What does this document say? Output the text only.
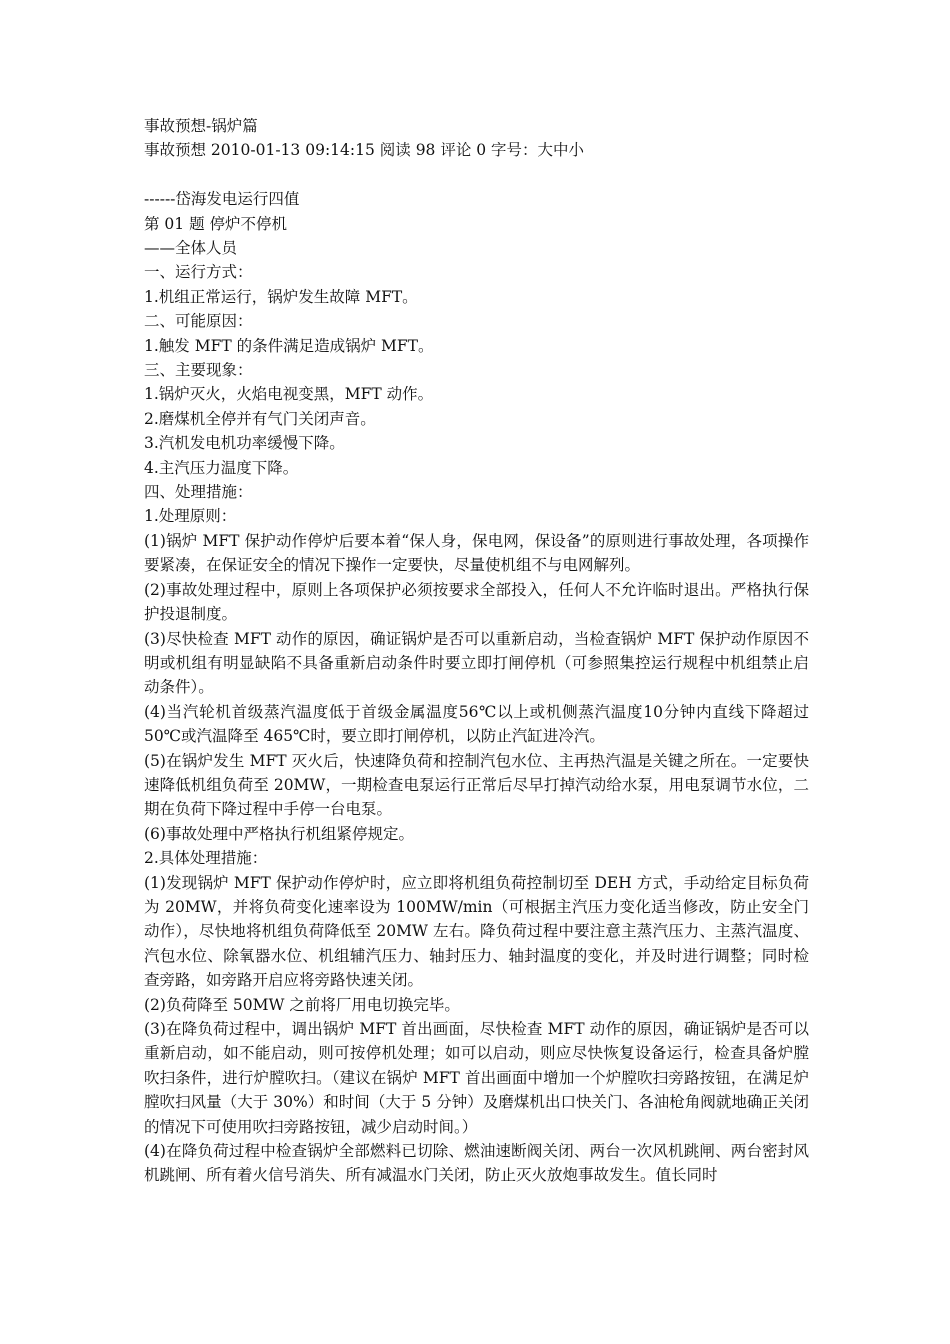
事故预想-锅炉篇
事故预想 2010-01-13 09:14:15 阅读 98 评论 0 字号：大中小
------岱海发电运行四值
第 01 题 停炉不停机
——全体人员
一、运行方式：
1.机组正常运行，锅炉发生故障 MFT。
二、可能原因：
1.触发 MFT 的条件满足造成锅炉 MFT。
三、主要现象：
1.锅炉灭火，火焰电视变黑，MFT 动作。
2.磨煤机全停并有气门关闭声音。
3.汽机发电机功率缓慢下降。
4.主汽压力温度下降。
四、处理措施：
1.处理原则：
(1)锅炉 MFT 保护动作停炉后要本着“保人身，保电网，保设备”的原则进行事故处理，各项操作要紧凑，在保证安全的情况下操作一定要快，尽量使机组不与电网解列。
(2)事故处理过程中，原则上各项保护必须按要求全部投入，任何人不允许临时退出。严格执行保护投退制度。
(3)尽快检查 MFT 动作的原因，确证锅炉是否可以重新启动，当检查锅炉 MFT 保护动作原因不明或机组有明显缺陷不具备重新启动条件时要立即打闸停机（可参照集控运行规程中机组禁止启动条件）。
(4)当汽轮机首级蒸汽温度低于首级金属温度56℃以上或机侧蒸汽温度10分钟内直线下降超过 50℃或汽温降至 465℃时，要立即打闸停机，以防止汽缸进冷汽。
(5)在锅炉发生 MFT 灭火后，快速降负荷和控制汽包水位、主再热汽温是关键之所在。一定要快速降低机组负荷至 20MW，一期检查电泵运行正常后尽早打掉汽动给水泵，用电泵调节水位，二期在负荷下降过程中手停一台电泵。
(6)事故处理中严格执行机组紧停规定。
2.具体处理措施：
(1)发现锅炉 MFT 保护动作停炉时，应立即将机组负荷控制切至 DEH 方式，手动给定目标负荷为 20MW，并将负荷变化速率设为 100MW/min（可根据主汽压力变化适当修改，防止安全门动作），尽快地将机组负荷降低至 20MW 左右。降负荷过程中要注意主蒸汽压力、主蒸汽温度、汽包水位、除氧器水位、机组辅汽压力、轴封压力、轴封温度的变化，并及时进行调整；同时检查旁路，如旁路开启应将旁路快速关闭。
(2)负荷降至 50MW 之前将厂用电切换完毕。
(3)在降负荷过程中，调出锅炉 MFT 首出画面，尽快检查 MFT 动作的原因，确证锅炉是否可以重新启动，如不能启动，则可按停机处理；如可以启动，则应尽快恢复设备运行，检查具备炉膛吹扫条件，进行炉膛吹扫。（建议在锅炉 MFT 首出画面中增加一个炉膛吹扫旁路按钮，在满足炉膛吹扫风量（大于 30%）和时间（大于 5 分钟）及磨煤机出口快关门、各油枪角阀就地确正关闭的情况下可使用吹扫旁路按钮，减少启动时间。）
(4)在降负荷过程中检查锅炉全部燃料已切除、燃油速断阀关闭、两台一次风机跳闸、两台密封风机跳闸、所有着火信号消失、所有减温水门关闭，防止灭火放炮事故发生。值长同时
